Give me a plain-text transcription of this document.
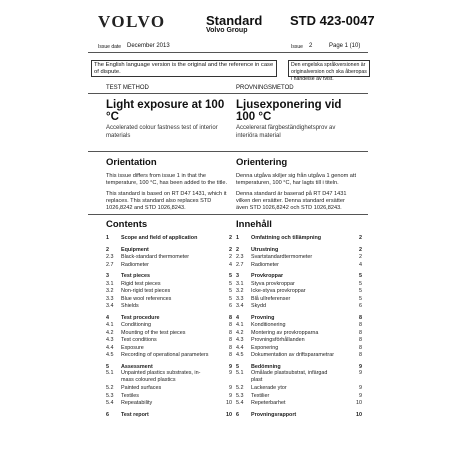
VOLVO	Standard
Volvo Group
STD 423-0047
Issue date December 2013	Issue 2	Page 1 (10)
The English language version is the original and the reference in case of dispute.
Den engelska språkversionen är originalversion och ska åberopas i händelse av tvist.
TEST METHOD	PROVNINGSMETOD
Light exposure at 100 °C
Ljusexponering vid 100 °C
Accelerated colour fastness test of interior materials
Accelererat färgbeständighetsprov av interiöra material
Orientation	Orientering
This issue differs from issue 1 in that the temperature, 100 °C, has been added to the title.
Denna utgåva skiljer sig från utgåva 1 genom att temperaturen, 100 °C, har lagts till i titeln.
This standard is based on RT D47 1431, which it replaces. This standard also replaces STD 1026,8242 and STD 1026,8243.
Denna standard är baserad på RT D47 1431 vilken den ersätter. Denna standard ersätter även STD 1026,8242 och STD 1026,8243.
Contents	Innehåll
1 Scope and field of application	2
2 Equipment	2
2.3 Black-standard thermometer	2
2.7 Radiometer	4
3 Test pieces	5
3.1 Rigid test pieces	5
3.2 Non-rigid test pieces	5
3.3 Blue wool references	5
3.4 Shields	6
4 Test procedure	8
4.1 Conditioning	8
4.2 Mounting of the test pieces	8
4.3 Test conditions	8
4.4 Exposure	8
4.5 Recording of operational parameters	8
5 Assessment	9
5.1 Unpainted plastics substrates, in-mass coloured plastics
9
5.2 Painted surfaces	9
5.3 Textiles	9
5.4 Repeatability	10
6 Test report	10
1 Omfattning och tillämpning	2
2 Utrustning	2
2.3 Svartstandardtermometer	2
2.7 Radiometer	4
3 Provkroppar	5
3.1 Styva provkroppar	5
3.2 Icke-styva provkroppar	5
3.3 Blå ullreferenser	5
3.4 Skydd	6
4 Provning	8
4.1 Konditionering	8
4.2 Montering av provkropparna	8
4.3 Provningsförhållanden	8
4.4 Exponering	8
4.5 Dokumentation av driftsparametrar	8
5 Bedömning	9
5.1 Omålade plastsubstrat, infärgad plast
9
5.2 Lackerade ytor	9
5.3 Textilier	9
5.4 Repeterbarhet	10
6 Provningsrapport	10
